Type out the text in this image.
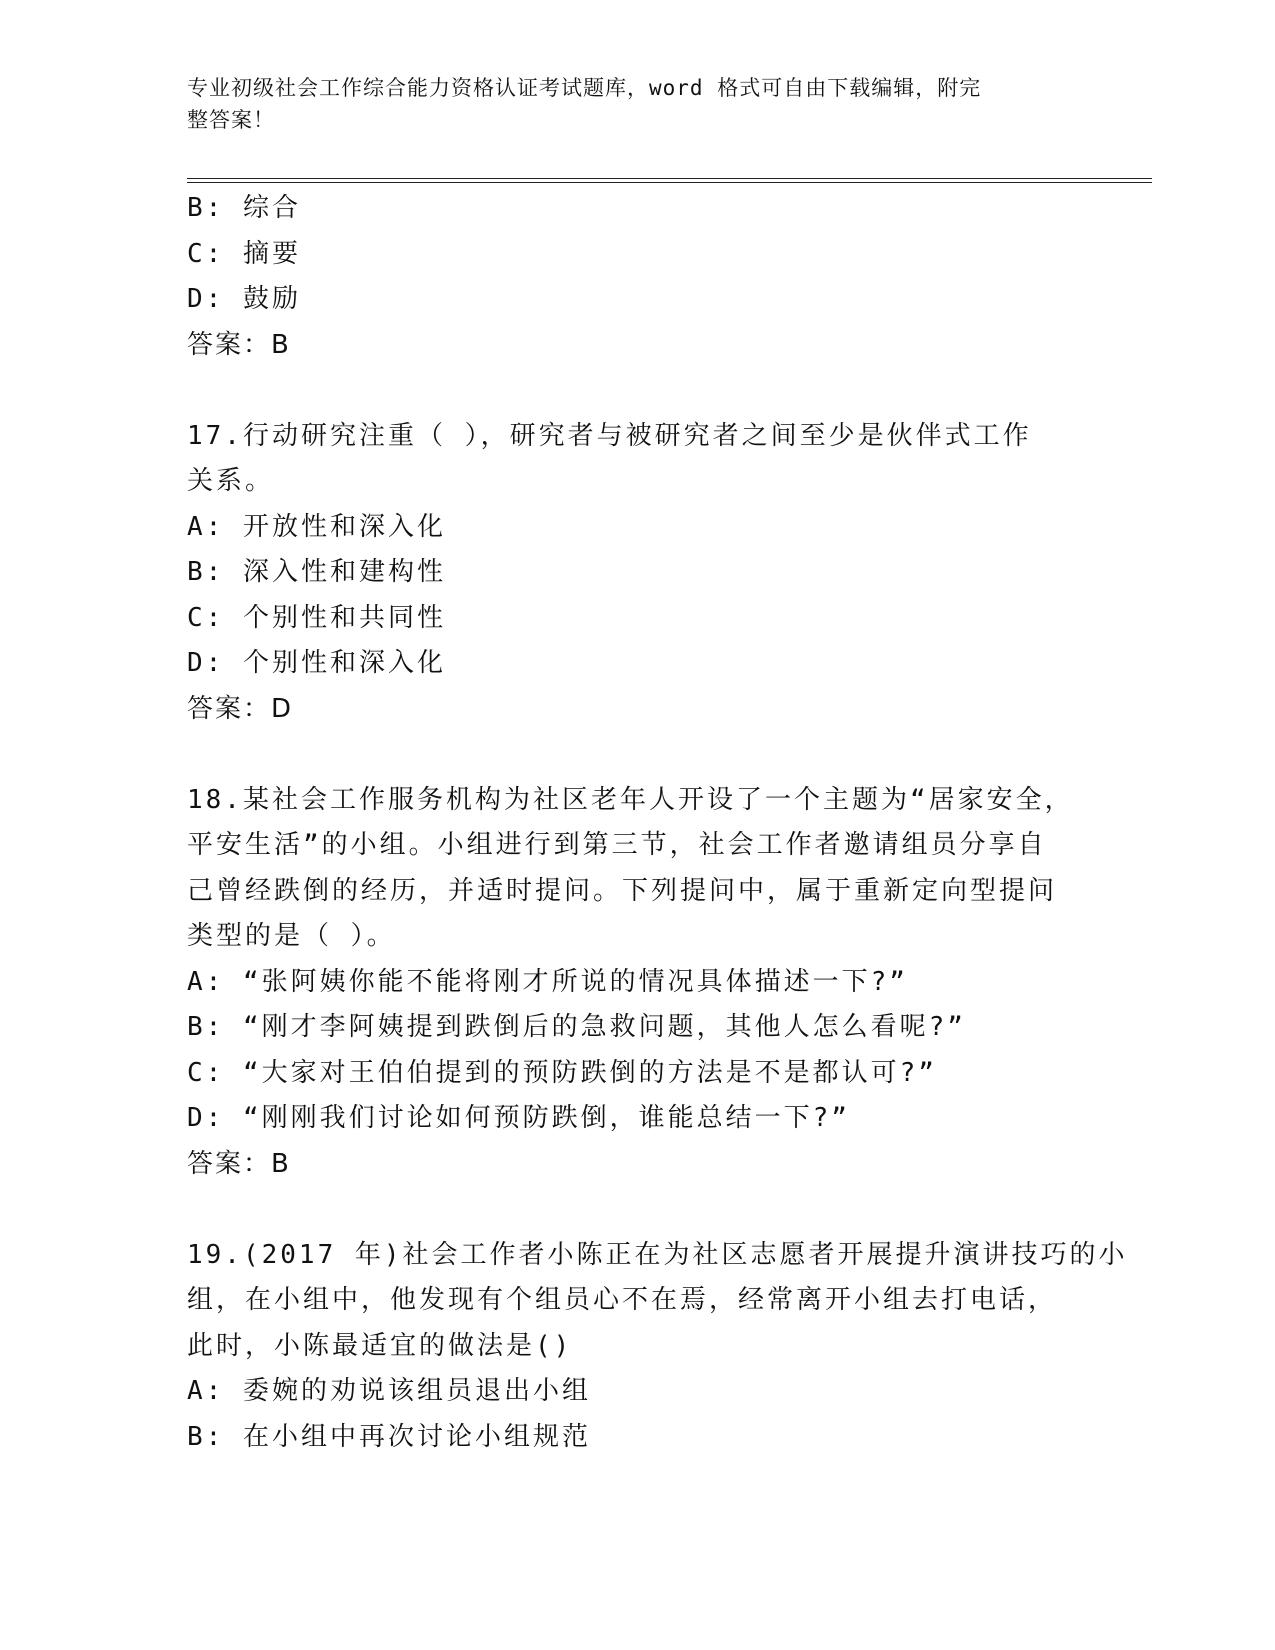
专业初级社会工作综合能力资格认证考试题库，word 格式可自由下载编辑，附完
整答案！

B: 综合

C: 摘要

D: 鼓励

答案：B

17.行动研究注重（ ），研究者与被研究者之间至少是伙伴式工作

关系。

A: 开放性和深入化

B: 深入性和建构性

C: 个别性和共同性

D: 个别性和深入化

答案：D

18.某社会工作服务机构为社区老年人开设了一个主题为“居家安全，

平安生活”的小组。小组进行到第三节，社会工作者邀请组员分享自

己曾经跌倒的经历，并适时提问。下列提问中，属于重新定向型提问

类型的是（ ）。

A: “张阿姨你能不能将刚才所说的情况具体描述一下?”

B: “刚才李阿姨提到跌倒后的急救问题，其他人怎么看呢?”

C: “大家对王伯伯提到的预防跌倒的方法是不是都认可?”

D: “刚刚我们讨论如何预防跌倒，谁能总结一下?”

答案：B

19.(2017 年)社会工作者小陈正在为社区志愿者开展提升演讲技巧的小

组，在小组中，他发现有个组员心不在焉，经常离开小组去打电话，

此时，小陈最适宜的做法是()

A: 委婉的劝说该组员退出小组

B: 在小组中再次讨论小组规范
